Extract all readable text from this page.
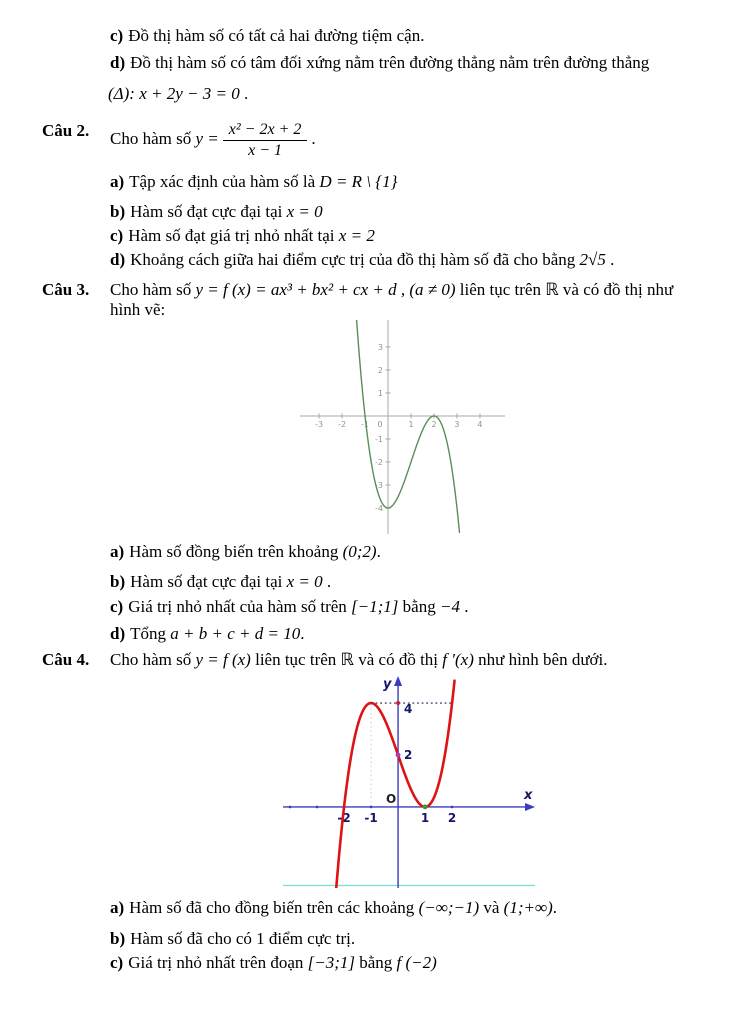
c) Đồ thị hàm số có tất cả hai đường tiệm cận.
d) Đồ thị hàm số có tâm đối xứng nằm trên đường thẳng nằm trên đường thẳng
(Δ): x + 2y − 3 = 0 .
Câu 2.	Cho hàm số $y = \frac{\text{x² − 2x + 2}}{x - 1}$ .
a) Tập xác định của hàm số là D = R \ {1}
b) Hàm số đạt cực đại tại x = 0
c) Hàm số đạt giá trị nhỏ nhất tại x = 2
d) Khoảng cách giữa hai điểm cực trị của đồ thị hàm số đã cho bằng 2√5 .
Câu 3.	Cho hàm số y = f (x) = ax³ + bx² + cx + d , (a ≠ 0) liên tục trên ℝ và có đồ thị như hình vẽ:
-3 -2 -1 0	1 2 3 4
-4
-3
-2
-1
1
2
3
a) Hàm số đồng biến trên khoảng (0;2).
b) Hàm số đạt cực đại tại x = 0 .
c) Giá trị nhỏ nhất của hàm số trên [−1;1] bằng −4 .
d) Tổng a + b + c + d = 10.
Câu 4.	Cho hàm số y = f (x) liên tục trên ℝ và có đồ thị f ′(x) như hình bên dưới.
x
y
-2 -1	1 2
4
2
O
a) Hàm số đã cho đồng biến trên các khoảng (−∞;−1) và (1;+∞).
b) Hàm số đã cho có 1 điểm cực trị.
c) Giá trị nhỏ nhất trên đoạn [−3;1] bằng f (−2)
